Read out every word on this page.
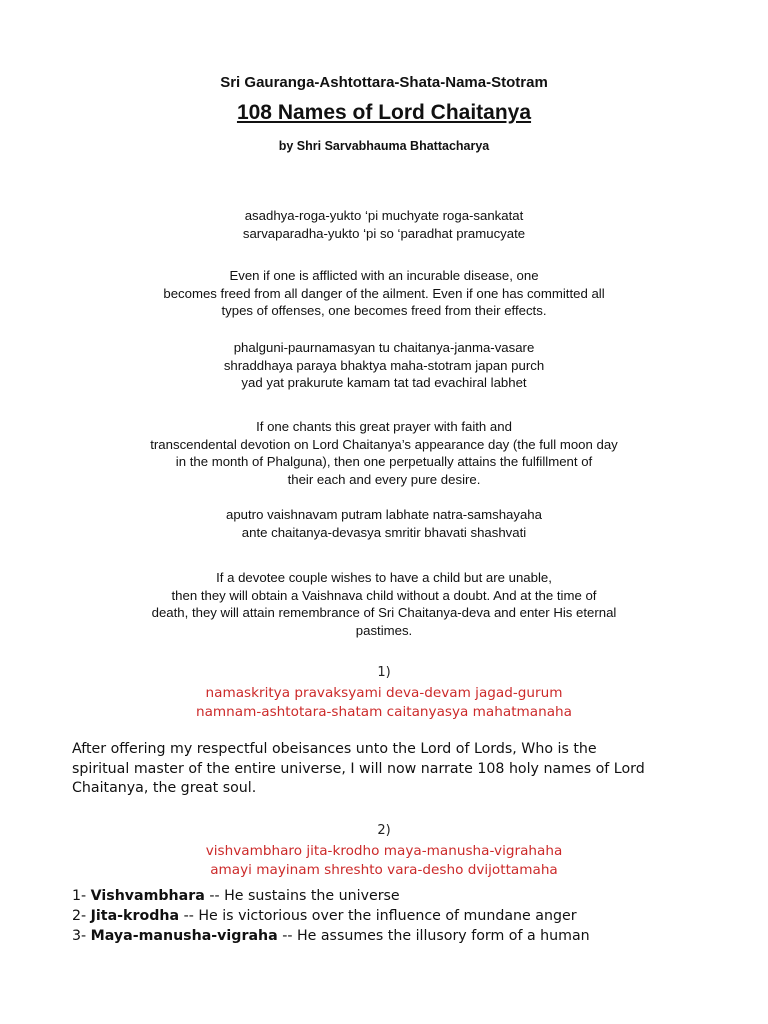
Sri Gauranga-Ashtottara-Shata-Nama-Stotram
108 Names of Lord Chaitanya
by Shri Sarvabhauma Bhattacharya
asadhya-roga-yukto ‘pi muchyate roga-sankatat
sarvaparadha-yukto ‘pi so ‘paradhat pramucyate
Even if one is afflicted with an incurable disease, one
becomes freed from all danger of the ailment. Even if one has committed all
types of offenses, one becomes freed from their effects.
phalguni-paurnamasyan tu chaitanya-janma-vasare
shraddhaya paraya bhaktya maha-stotram japan purch
yad yat prakurute kamam tat tad evachiral labhet
If one chants this great prayer with faith and
transcendental devotion on Lord Chaitanya’s appearance day (the full moon day
in the month of Phalguna), then one perpetually attains the fulfillment of
their each and every pure desire.
aputro vaishnavam putram labhate natra-samshayaha
ante chaitanya-devasya smritir bhavati shashvati
If a devotee couple wishes to have a child but are unable,
then they will obtain a Vaishnava child without a doubt. And at the time of
death, they will attain remembrance of Sri Chaitanya-deva and enter His eternal
pastimes.
1)
namaskritya pravaksyami deva-devam jagad-gurum
namnam-ashtotara-shatam caitanyasya mahatmanaha
After offering my respectful obeisances unto the Lord of Lords, Who is the
spiritual master of the entire universe, I will now narrate 108 holy names of Lord
Chaitanya, the great soul.
2)
vishvambharo jita-krodho maya-manusha-vigrahaha
amayi mayinam shreshto vara-desho dvijottamaha
1- Vishvambhara -- He sustains the universe
2- Jita-krodha -- He is victorious over the influence of mundane anger
3- Maya-manusha-vigraha -- He assumes the illusory form of a human
